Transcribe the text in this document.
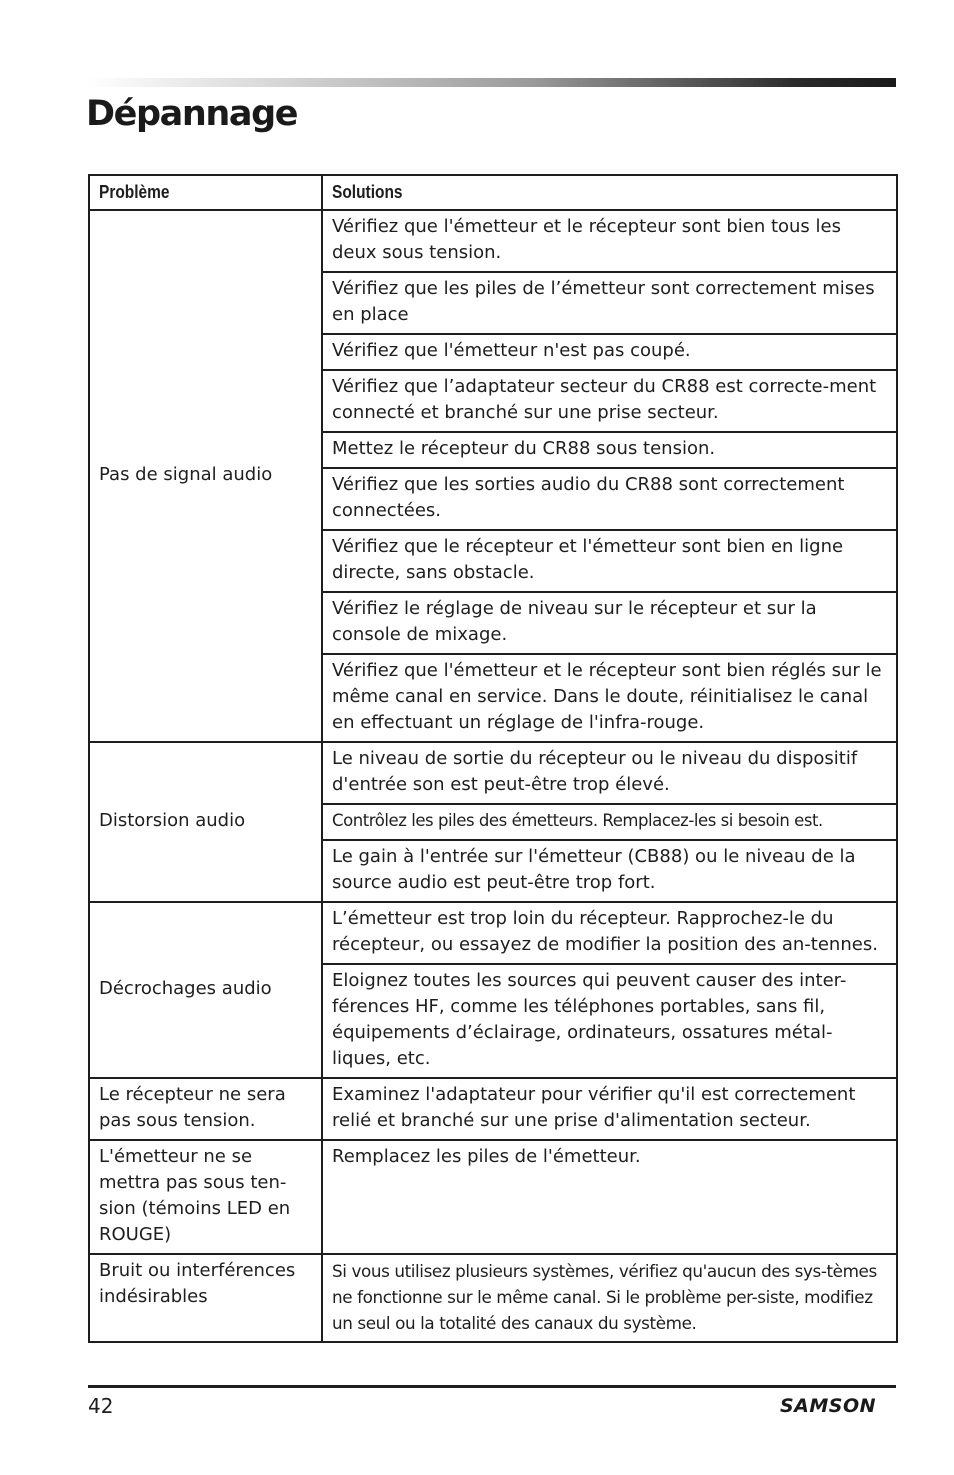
Dépannage
Problème	Solutions
Pas de signal audio	Vérifiez que l'émetteur et le récepteur sont bien tous les deux sous tension.
	Vérifiez que les piles de l’émetteur sont correctement mises en place
	Vérifiez que l'émetteur n'est pas coupé.
	Vérifiez que l’adaptateur secteur du CR88 est correcte-ment connecté et branché sur une prise secteur.
	Mettez le récepteur du CR88 sous tension.
	Vérifiez que les sorties audio du CR88 sont correctement connectées.
	Vérifiez que le récepteur et l'émetteur sont bien en ligne directe, sans obstacle.
	Vérifiez le réglage de niveau sur le récepteur et sur la console de mixage.
	Vérifiez que l'émetteur et le récepteur sont bien réglés sur le même canal en service. Dans le doute, réinitialisez le canal en effectuant un réglage de l'infra-rouge.
Distorsion audio	Le niveau de sortie du récepteur ou le niveau du dispositif d'entrée son est peut-être trop élevé.
	Contrôlez les piles des émetteurs. Remplacez-les si besoin est.
	Le gain à l'entrée sur l'émetteur (CB88) ou le niveau de la source audio est peut-être trop fort.
Décrochages audio	L’émetteur est trop loin du récepteur. Rapprochez-le du récepteur, ou essayez de modifier la position des an-tennes.
	Eloignez toutes les sources qui peuvent causer des inter-férences HF, comme les téléphones portables, sans fil, équipements d’éclairage, ordinateurs, ossatures métal-liques, etc.
Le récepteur ne sera pas sous tension.	Examinez l'adaptateur pour vérifier qu'il est correctement relié et branché sur une prise d'alimentation secteur.
L'émetteur ne se mettra pas sous ten-sion (témoins LED en ROUGE)	Remplacez les piles de l'émetteur.
Bruit ou interférences indésirables	Si vous utilisez plusieurs systèmes, vérifiez qu'aucun des sys-tèmes ne fonctionne sur le même canal. Si le problème per-siste, modifiez un seul ou la totalité des canaux du système.
42	SAMSON
